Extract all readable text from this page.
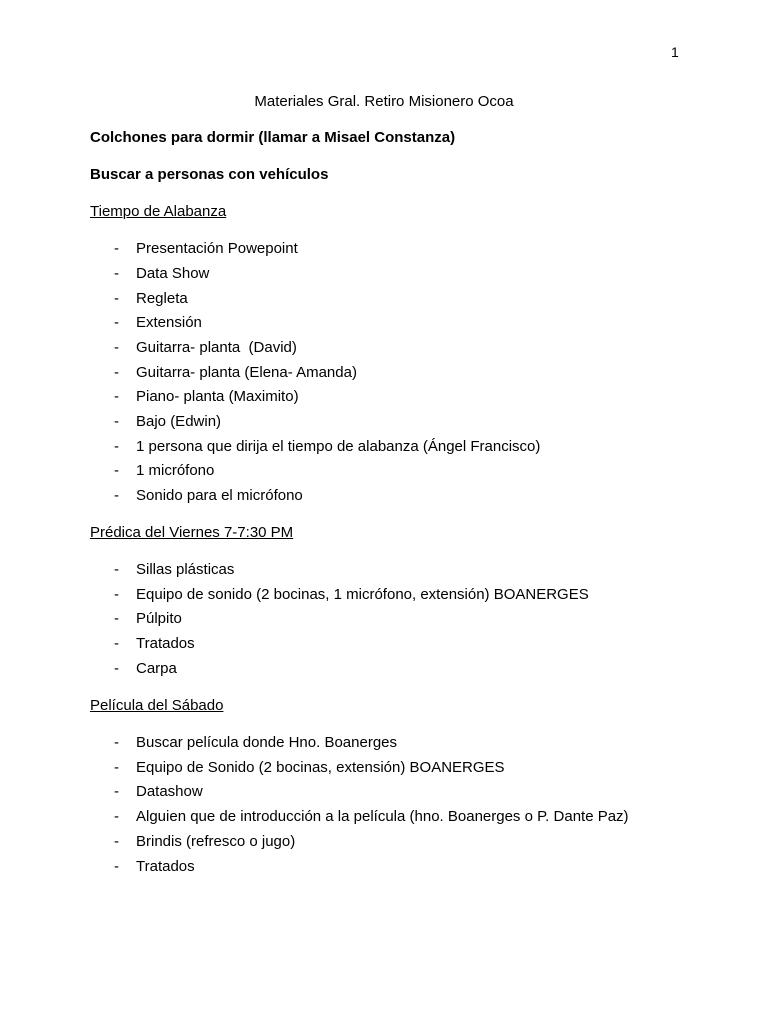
1
Materiales Gral. Retiro Misionero Ocoa
Colchones para dormir (llamar a Misael Constanza)
Buscar a personas con vehículos
Tiempo de Alabanza
- Presentación Powepoint
- Data Show
- Regleta
- Extensión
- Guitarra- planta  (David)
- Guitarra- planta (Elena- Amanda)
- Piano- planta (Maximito)
- Bajo (Edwin)
- 1 persona que dirija el tiempo de alabanza (Ángel Francisco)
- 1 micrófono
- Sonido para el micrófono
Prédica del Viernes 7-7:30 PM
- Sillas plásticas
- Equipo de sonido (2 bocinas, 1 micrófono, extensión) BOANERGES
- Púlpito
- Tratados
- Carpa
Película del Sábado
- Buscar película donde Hno. Boanerges
- Equipo de Sonido (2 bocinas, extensión) BOANERGES
- Datashow
- Alguien que de introducción a la película (hno. Boanerges o P. Dante Paz)
- Brindis (refresco o jugo)
- Tratados
